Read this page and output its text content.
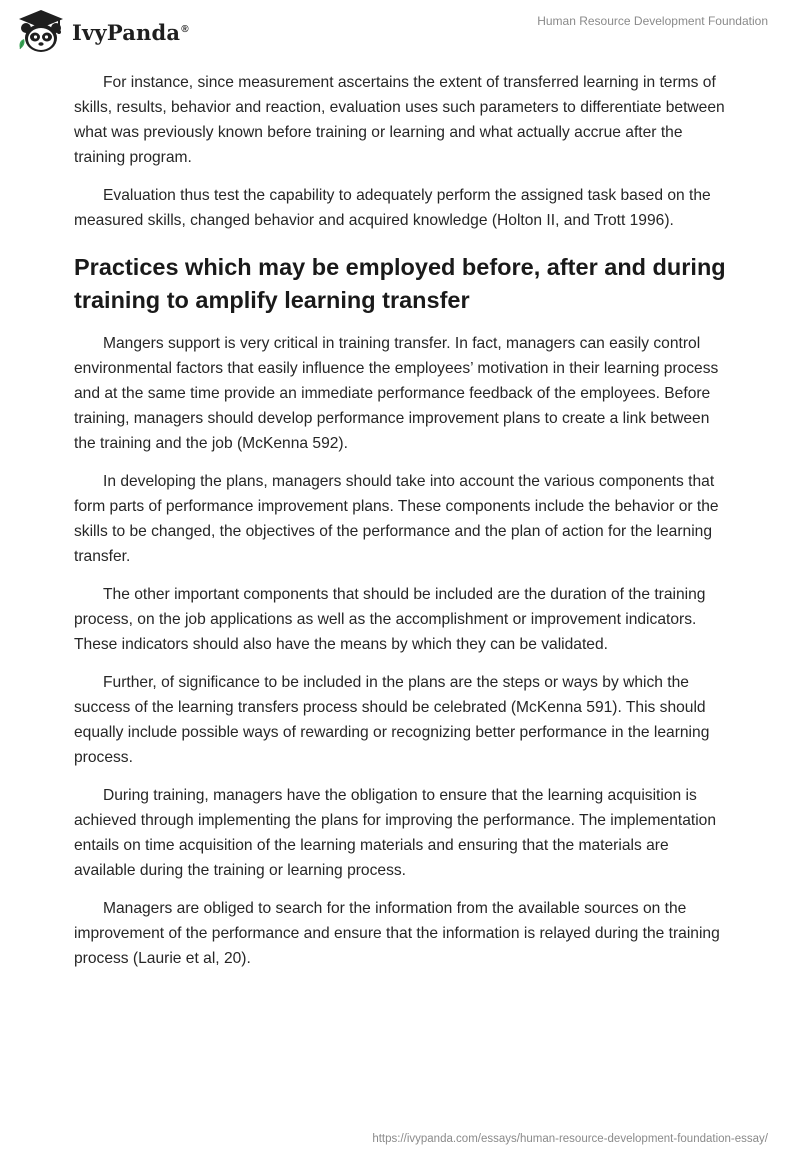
IvyPanda®
Human Resource Development Foundation

For instance, since measurement ascertains the extent of transferred learning in terms of skills, results, behavior and reaction, evaluation uses such parameters to differentiate between what was previously known before training or learning and what actually accrue after the training program.

Evaluation thus test the capability to adequately perform the assigned task based on the measured skills, changed behavior and acquired knowledge (Holton II, and Trott 1996).

Practices which may be employed before, after and during training to amplify learning transfer

Mangers support is very critical in training transfer. In fact, managers can easily control environmental factors that easily influence the employees’ motivation in their learning process and at the same time provide an immediate performance feedback of the employees. Before training, managers should develop performance improvement plans to create a link between the training and the job (McKenna 592).

In developing the plans, managers should take into account the various components that form parts of performance improvement plans. These components include the behavior or the skills to be changed, the objectives of the performance and the plan of action for the learning transfer.

The other important components that should be included are the duration of the training process, on the job applications as well as the accomplishment or improvement indicators. These indicators should also have the means by which they can be validated.

Further, of significance to be included in the plans are the steps or ways by which the success of the learning transfers process should be celebrated (McKenna 591). This should equally include possible ways of rewarding or recognizing better performance in the learning process.

During training, managers have the obligation to ensure that the learning acquisition is achieved through implementing the plans for improving the performance. The implementation entails on time acquisition of the learning materials and ensuring that the materials are available during the training or learning process.

Managers are obliged to search for the information from the available sources on the improvement of the performance and ensure that the information is relayed during the training process (Laurie et al, 20).

https://ivypanda.com/essays/human-resource-development-foundation-essay/
